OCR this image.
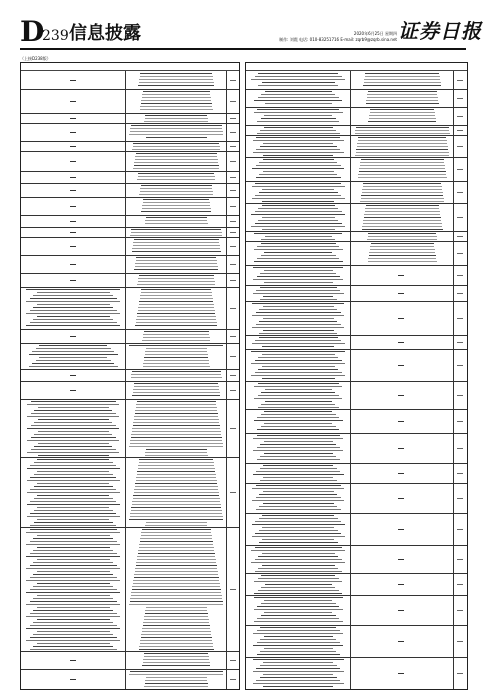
D
239 信息披露	2020年6月25日 星期四
制作: 刘霞 电话: 010-83251716 E-mail: zqrb9@zqrb.sina.net 证券日报
（上接D238版）
